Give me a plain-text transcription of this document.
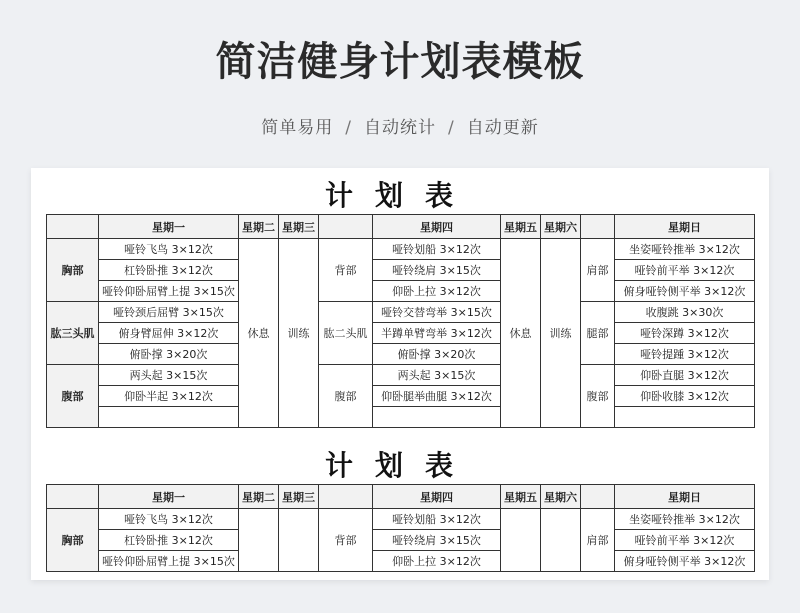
简洁健身计划表模板
简单易用 / 自动统计 / 自动更新
计划表
	星期一	星期二	星期三		星期四	星期五	星期六		星期日
胸部	哑铃飞鸟 3×12次	休息	训练	背部	哑铃划船 3×12次	休息	训练	肩部	坐姿哑铃推举 3×12次
	杠铃卧推 3×12次				哑铃绕肩 3×15次				哑铃前平举 3×12次
	哑铃仰卧屈臂上提 3×15次				仰卧上拉 3×12次				俯身哑铃侧平举 3×12次
肱三头肌	哑铃颈后屈臂 3×15次			肱二头肌	哑铃交替弯举 3×15次			腿部	收腹跳 3×30次
	俯身臂屈伸 3×12次				半蹲单臂弯举 3×12次				哑铃深蹲 3×12次
	俯卧撑 3×20次				俯卧撑 3×20次				哑铃提踵 3×12次
腹部	两头起 3×15次			腹部	两头起 3×15次			腹部	仰卧直腿 3×12次
	仰卧半起 3×12次				仰卧腿举曲腿 3×12次				仰卧收膝 3×12次

计划表
	星期一	星期二	星期三		星期四	星期五	星期六		星期日
胸部	哑铃飞鸟 3×12次			背部	哑铃划船 3×12次			肩部	坐姿哑铃推举 3×12次
	杠铃卧推 3×12次				哑铃绕肩 3×15次				哑铃前平举 3×12次
	哑铃仰卧屈臂上提 3×15次				仰卧上拉 3×12次				俯身哑铃侧平举 3×12次
